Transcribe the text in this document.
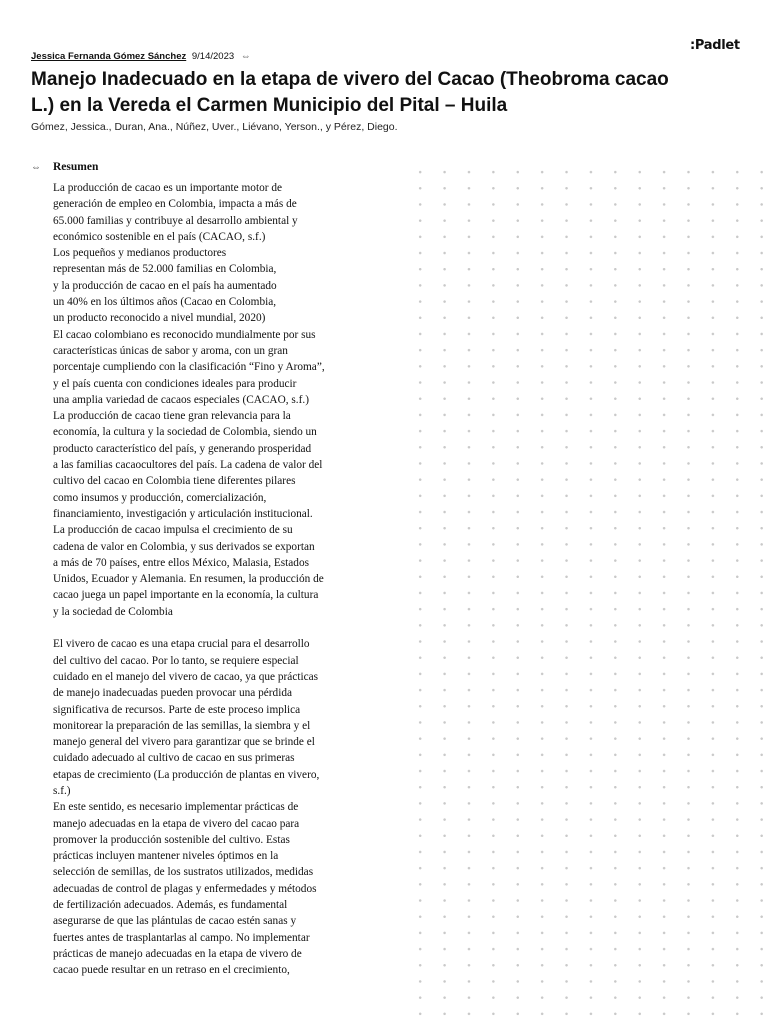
:Padlet
Jessica Fernanda Gómez Sánchez 9/14/2023 ⇔
Manejo Inadecuado en la etapa de vivero del Cacao (Theobroma cacao L.) en la Vereda el Carmen Municipio del Pital – Huila
Gómez, Jessica., Duran, Ana., Núñez, Uver., Liévano, Yerson., y Pérez, Diego.
⇔ Resumen
La producción de cacao es un importante motor de
generación de empleo en Colombia, impacta a más de
65.000 familias y contribuye al desarrollo ambiental y
económico sostenible en el país (CACAO, s.f.)
Los pequeños y medianos productores
representan más de 52.000 familias en Colombia,
y la producción de cacao en el país ha aumentado
un 40% en los últimos años (Cacao en Colombia,
un producto reconocido a nivel mundial, 2020)
El cacao colombiano es reconocido mundialmente por sus
características únicas de sabor y aroma, con un gran
porcentaje cumpliendo con la clasificación “Fino y Aroma”,
y el país cuenta con condiciones ideales para producir
una amplia variedad de cacaos especiales (CACAO, s.f.)
La producción de cacao tiene gran relevancia para la
economía, la cultura y la sociedad de Colombia, siendo un
producto característico del país, y generando prosperidad
a las familias cacaocultores del país. La cadena de valor del
cultivo del cacao en Colombia tiene diferentes pilares
como insumos y producción, comercialización,
financiamiento, investigación y articulación institucional.
La producción de cacao impulsa el crecimiento de su
cadena de valor en Colombia, y sus derivados se exportan
a más de 70 países, entre ellos México, Malasia, Estados
Unidos, Ecuador y Alemania. En resumen, la producción de
cacao juega un papel importante en la economía, la cultura
y la sociedad de Colombia
El vivero de cacao es una etapa crucial para el desarrollo
del cultivo del cacao. Por lo tanto, se requiere especial
cuidado en el manejo del vivero de cacao, ya que prácticas
de manejo inadecuadas pueden provocar una pérdida
significativa de recursos. Parte de este proceso implica
monitorear la preparación de las semillas, la siembra y el
manejo general del vivero para garantizar que se brinde el
cuidado adecuado al cultivo de cacao en sus primeras
etapas de crecimiento (La producción de plantas en vivero,
s.f.)
En este sentido, es necesario implementar prácticas de
manejo adecuadas en la etapa de vivero del cacao para
promover la producción sostenible del cultivo. Estas
prácticas incluyen mantener niveles óptimos en la
selección de semillas, de los sustratos utilizados, medidas
adecuadas de control de plagas y enfermedades y métodos
de fertilización adecuados. Además, es fundamental
asegurarse de que las plántulas de cacao estén sanas y
fuertes antes de trasplantarlas al campo. No implementar
prácticas de manejo adecuadas en la etapa de vivero de
cacao puede resultar en un retraso en el crecimiento,
